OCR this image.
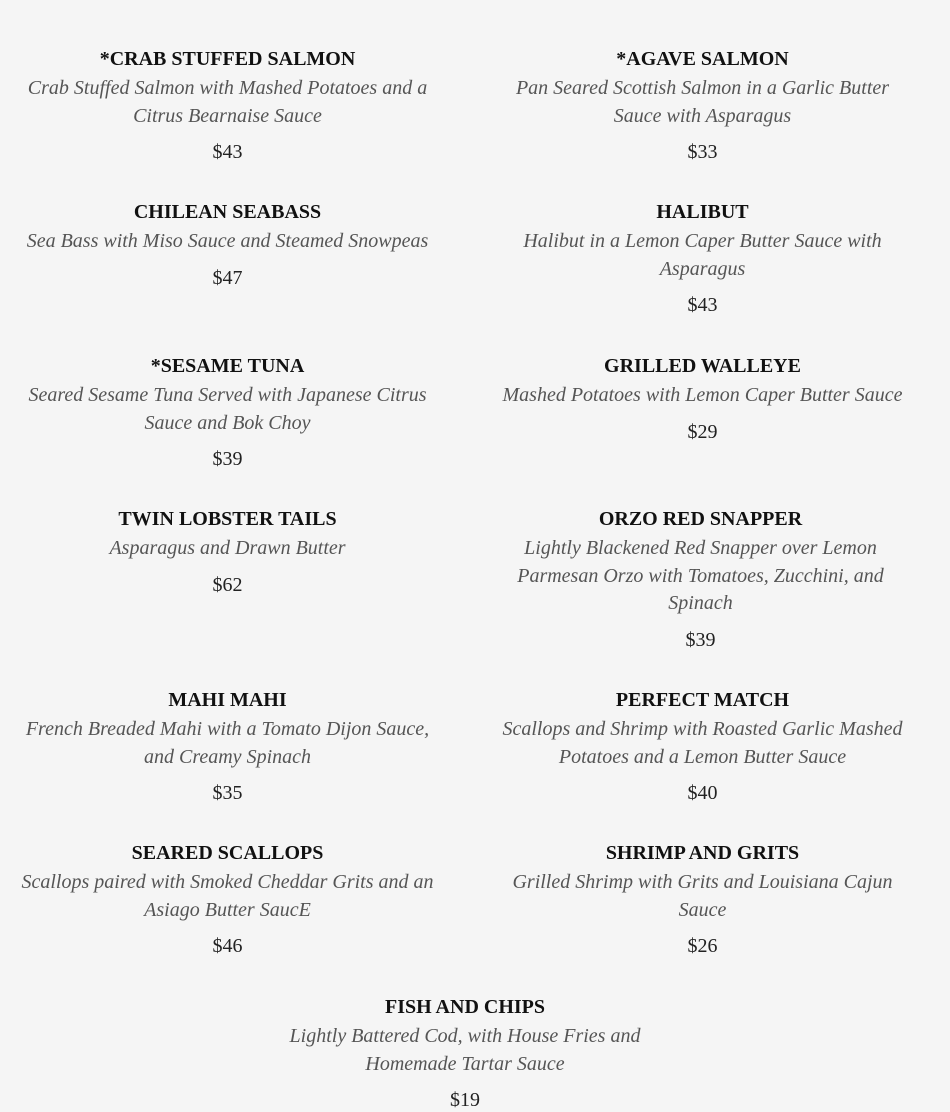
*CRAB STUFFED SALMON
Crab Stuffed Salmon with Mashed Potatoes and a Citrus Bearnaise Sauce
$43
*AGAVE SALMON
Pan Seared Scottish Salmon in a Garlic Butter Sauce with Asparagus
$33
CHILEAN SEABASS
Sea Bass with Miso Sauce and Steamed Snowpeas
$47
HALIBUT
Halibut in a Lemon Caper Butter Sauce with Asparagus
$43
*SESAME TUNA
Seared Sesame Tuna Served with Japanese Citrus Sauce and Bok Choy
$39
GRILLED WALLEYE
Mashed Potatoes with Lemon Caper Butter Sauce
$29
TWIN LOBSTER TAILS
Asparagus and Drawn Butter
$62
ORZO RED SNAPPER
Lightly Blackened Red Snapper over Lemon Parmesan Orzo with Tomatoes, Zucchini, and Spinach
$39
MAHI MAHI
French Breaded Mahi with a Tomato Dijon Sauce, and Creamy Spinach
$35
PERFECT MATCH
Scallops and Shrimp with Roasted Garlic Mashed Potatoes and a Lemon Butter Sauce
$40
SEARED SCALLOPS
Scallops paired with Smoked Cheddar Grits and an Asiago Butter SaucE
$46
SHRIMP AND GRITS
Grilled Shrimp with Grits and Louisiana Cajun Sauce
$26
FISH AND CHIPS
Lightly Battered Cod, with House Fries and Homemade Tartar Sauce
$19
